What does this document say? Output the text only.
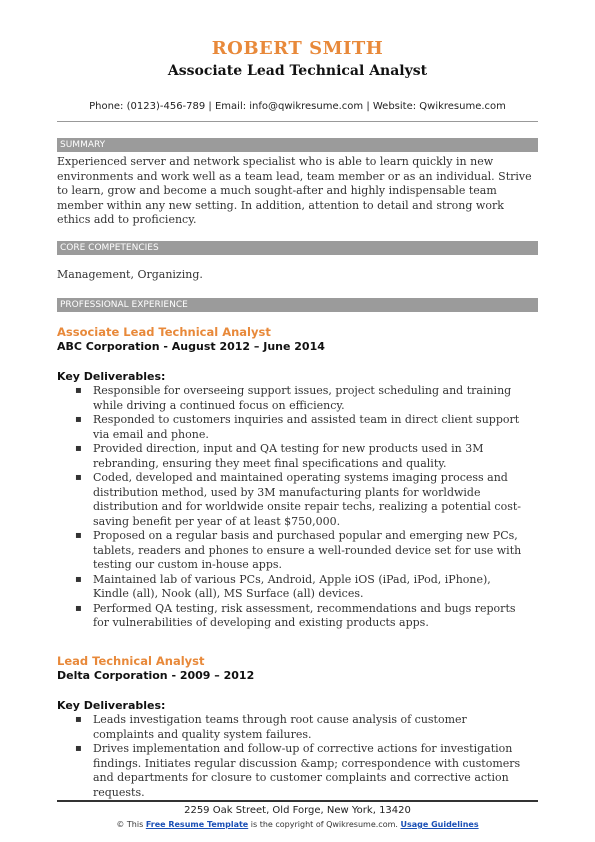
ROBERT SMITH
Associate Lead Technical Analyst
Phone: (0123)-456-789 | Email: info@qwikresume.com | Website: Qwikresume.com
SUMMARY
Experienced server and network specialist who is able to learn quickly in new environments and work well as a team lead, team member or as an individual. Strive to learn, grow and become a much sought-after and highly indispensable team member within any new setting. In addition, attention to detail and strong work ethics add to proficiency.
CORE COMPETENCIES
Management, Organizing.
PROFESSIONAL EXPERIENCE
Associate Lead Technical Analyst
ABC Corporation - August 2012 – June 2014
Key Deliverables:
▪ Responsible for overseeing support issues, project scheduling and training while driving a continued focus on efficiency.
▪ Responded to customers inquiries and assisted team in direct client support via email and phone.
▪ Provided direction, input and QA testing for new products used in 3M rebranding, ensuring they meet final specifications and quality.
▪ Coded, developed and maintained operating systems imaging process and distribution method, used by 3M manufacturing plants for worldwide distribution and for worldwide onsite repair techs, realizing a potential cost-saving benefit per year of at least $750,000.
▪ Proposed on a regular basis and purchased popular and emerging new PCs, tablets, readers and phones to ensure a well-rounded device set for use with testing our custom in-house apps.
▪ Maintained lab of various PCs, Android, Apple iOS (iPad, iPod, iPhone), Kindle (all), Nook (all), MS Surface (all) devices.
▪ Performed QA testing, risk assessment, recommendations and bugs reports for vulnerabilities of developing and existing products apps.
Lead Technical Analyst
Delta Corporation - 2009 – 2012
Key Deliverables:
▪ Leads investigation teams through root cause analysis of customer complaints and quality system failures.
▪ Drives implementation and follow-up of corrective actions for investigation findings. Initiates regular discussion &amp; correspondence with customers and departments for closure to customer complaints and corrective action requests.
2259 Oak Street, Old Forge, New York, 13420
© This Free Resume Template is the copyright of Qwikresume.com. Usage Guidelines
